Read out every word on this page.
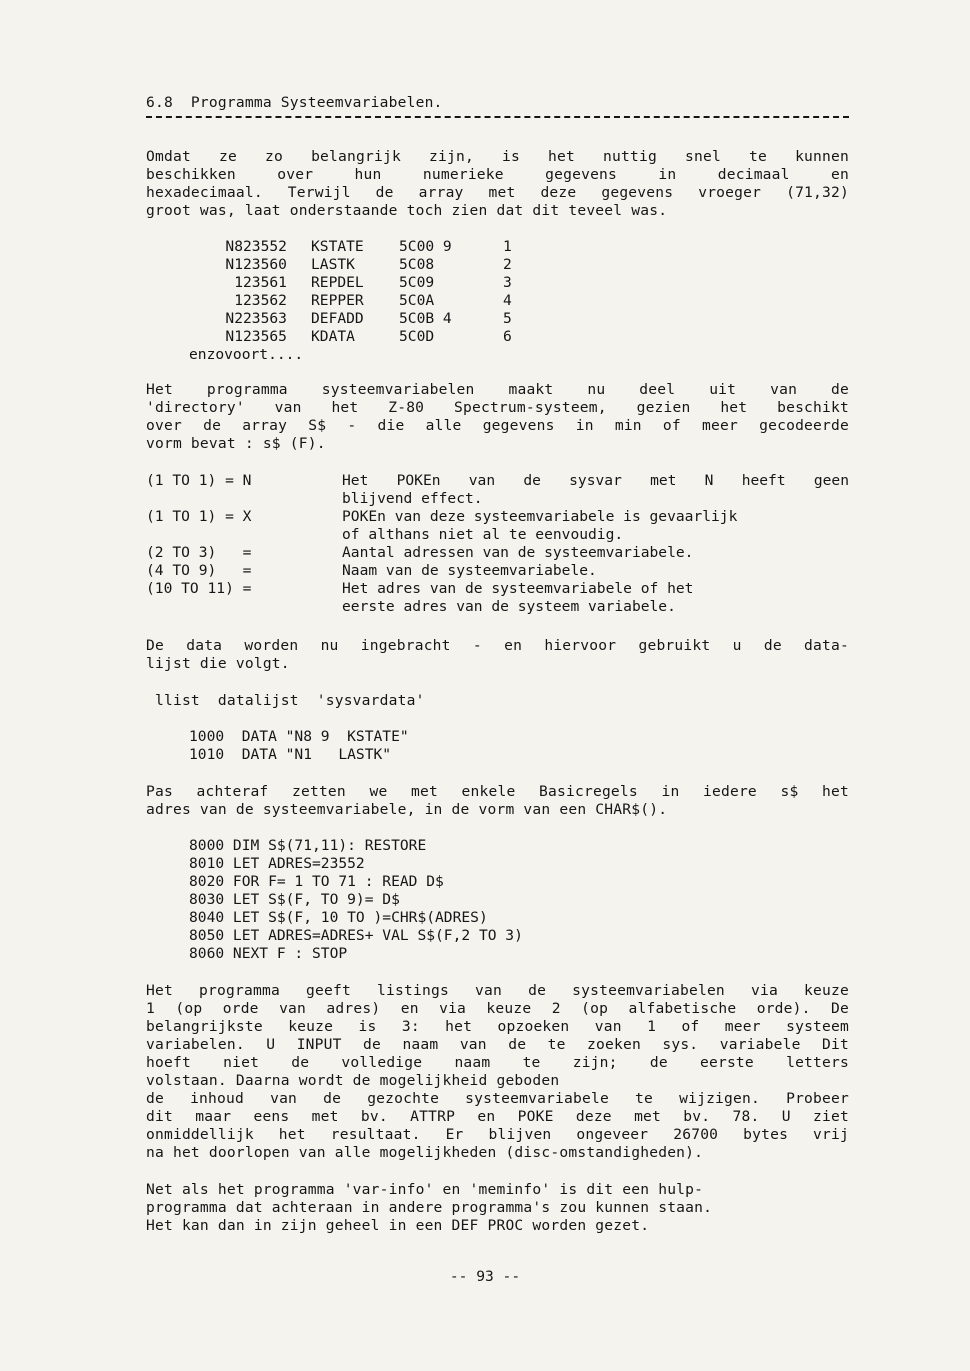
6.8  Programma Systeemvariabelen.
Omdat ze zo belangrijk zijn, is het nuttig snel te kunnen
beschikken over hun numerieke gegevens in decimaal en
hexadecimaal. Terwijl de array met deze gegevens vroeger (71,32)
groot was, laat onderstaande toch zien dat dit teveel was.
N8	23552	KSTATE	5C00 9	1
N1	23560	LASTK	5C08	2
1	23561	REPDEL	5C09	3
1	23562	REPPER	5C0A	4
N2	23563	DEFADD	5C0B 4	5
N1	23565	KDATA	5C0D	6
enzovoort....				
Het programma systeemvariabelen maakt nu deel uit van de
'directory' van het Z-80 Spectrum-systeem, gezien het beschikt
over de array S$ - die alle gegevens in min of meer gecodeerde
vorm bevat : s$ (F).
(1 TO 1) = N	Het POKEn van de sysvar met N heeft geen
blijvend effect.

(1 TO 1) = X	POKEn van deze systeemvariabele is gevaarlijk
of althans niet al te eenvoudig.

(2 TO 3)   =	Aantal adressen van de systeemvariabele.

(4 TO 9)   =	Naam van de systeemvariabele.

(10 TO 11) =	Het adres van de systeemvariabele of het
eerste adres van de systeem variabele.
De data worden nu ingebracht - en hiervoor gebruikt u de data-
lijst die volgt.
llist  datalijst  'sysvardata'
1000  DATA "N8 9  KSTATE"
1010  DATA "N1   LASTK"
Pas achteraf zetten we met enkele Basicregels in iedere s$ het
adres van de systeemvariabele, in de vorm van een CHAR$().
8000 DIM S$(71,11): RESTORE
8010 LET ADRES=23552
8020 FOR F= 1 TO 71 : READ D$
8030 LET S$(F, TO 9)= D$
8040 LET S$(F, 10 TO )=CHR$(ADRES)
8050 LET ADRES=ADRES+ VAL S$(F,2 TO 3)
8060 NEXT F : STOP
Het programma geeft listings van de systeemvariabelen via keuze
1 (op orde van adres) en via keuze 2 (op alfabetische orde). De
belangrijkste keuze is 3: het opzoeken van 1 of meer systeem
variabelen. U INPUT de naam van de te zoeken sys. variabele Dit
hoeft niet de volledige naam te zijn; de eerste letters
volstaan. Daarna wordt de mogelijkheid geboden
de inhoud van de gezochte systeemvariabele te wijzigen. Probeer
dit maar eens met bv. ATTRP en POKE deze met bv. 78. U ziet
onmiddellijk het resultaat. Er blijven ongeveer 26700 bytes vrij
na het doorlopen van alle mogelijkheden (disc-omstandigheden).
Net als het programma 'var-info' en 'meminfo' is dit een hulp-
programma dat achteraan in andere programma's zou kunnen staan.
Het kan dan in zijn geheel in een DEF PROC worden gezet.
-- 93 --
